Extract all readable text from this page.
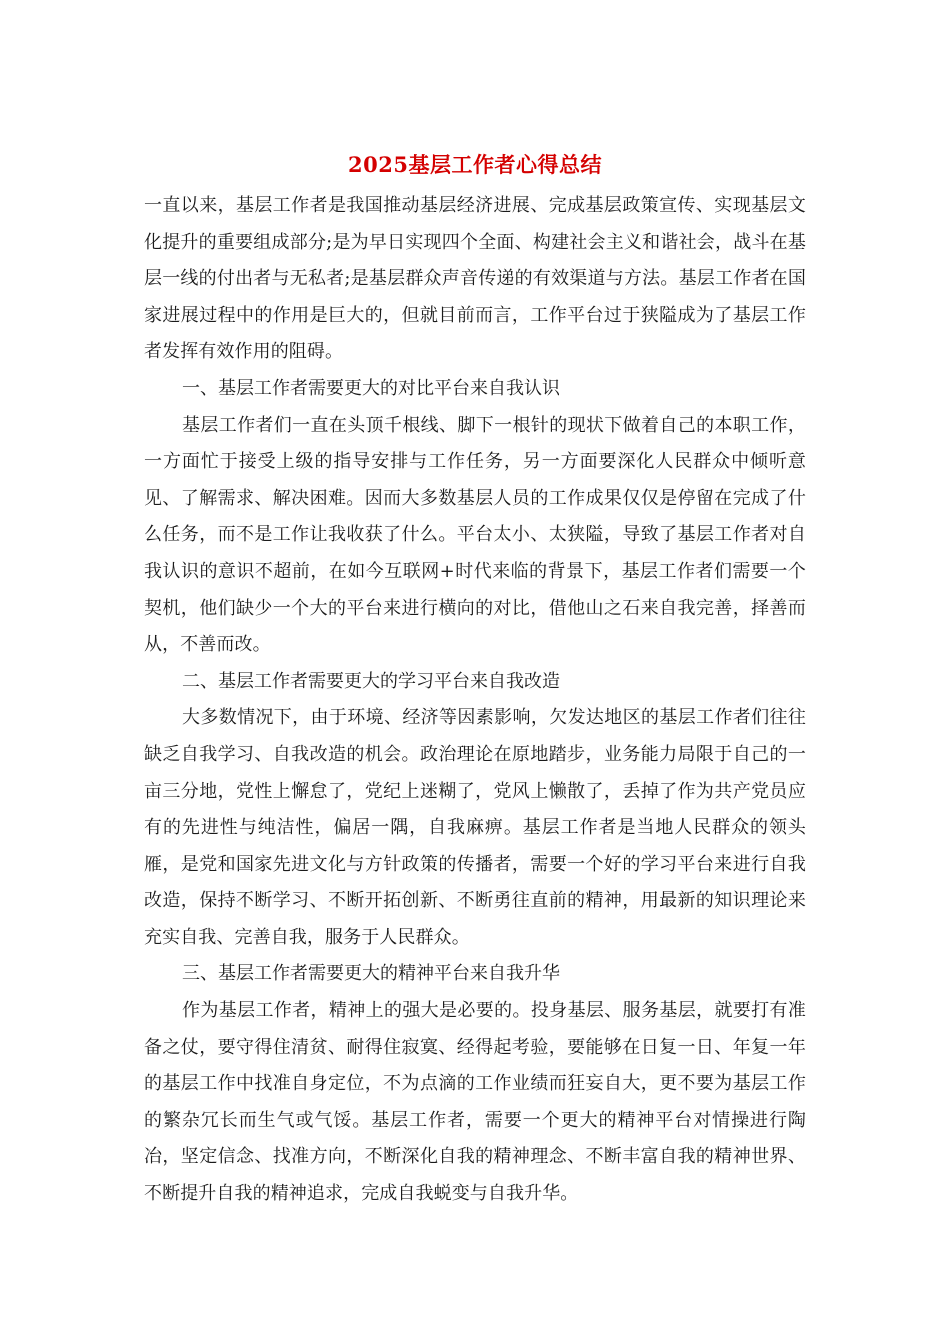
2025基层工作者心得总结

一直以来，基层工作者是我国推动基层经济进展、完成基层政策宣传、实现基层文化提升的重要组成部分;是为早日实现四个全面、构建社会主义和谐社会，战斗在基层一线的付出者与无私者;是基层群众声音传递的有效渠道与方法。基层工作者在国家进展过程中的作用是巨大的，但就目前而言，工作平台过于狭隘成为了基层工作者发挥有效作用的阻碍。

一、基层工作者需要更大的对比平台来自我认识

基层工作者们一直在头顶千根线、脚下一根针的现状下做着自己的本职工作，一方面忙于接受上级的指导安排与工作任务，另一方面要深化人民群众中倾听意见、了解需求、解决困难。因而大多数基层人员的工作成果仅仅是停留在完成了什么任务，而不是工作让我收获了什么。平台太小、太狭隘，导致了基层工作者对自我认识的意识不超前，在如今互联网+时代来临的背景下，基层工作者们需要一个契机，他们缺少一个大的平台来进行横向的对比，借他山之石来自我完善，择善而从，不善而改。

二、基层工作者需要更大的学习平台来自我改造

大多数情况下，由于环境、经济等因素影响，欠发达地区的基层工作者们往往缺乏自我学习、自我改造的机会。政治理论在原地踏步，业务能力局限于自己的一亩三分地，党性上懈怠了，党纪上迷糊了，党风上懒散了，丢掉了作为共产党员应有的先进性与纯洁性，偏居一隅，自我麻痹。基层工作者是当地人民群众的领头雁，是党和国家先进文化与方针政策的传播者，需要一个好的学习平台来进行自我改造，保持不断学习、不断开拓创新、不断勇往直前的精神，用最新的知识理论来充实自我、完善自我，服务于人民群众。

三、基层工作者需要更大的精神平台来自我升华

作为基层工作者，精神上的强大是必要的。投身基层、服务基层，就要打有准备之仗，要守得住清贫、耐得住寂寞、经得起考验，要能够在日复一日、年复一年的基层工作中找准自身定位，不为点滴的工作业绩而狂妄自大，更不要为基层工作的繁杂冗长而生气或气馁。基层工作者，需要一个更大的精神平台对情操进行陶冶，坚定信念、找准方向，不断深化自我的精神理念、不断丰富自我的精神世界、不断提升自我的精神追求，完成自我蜕变与自我升华。
